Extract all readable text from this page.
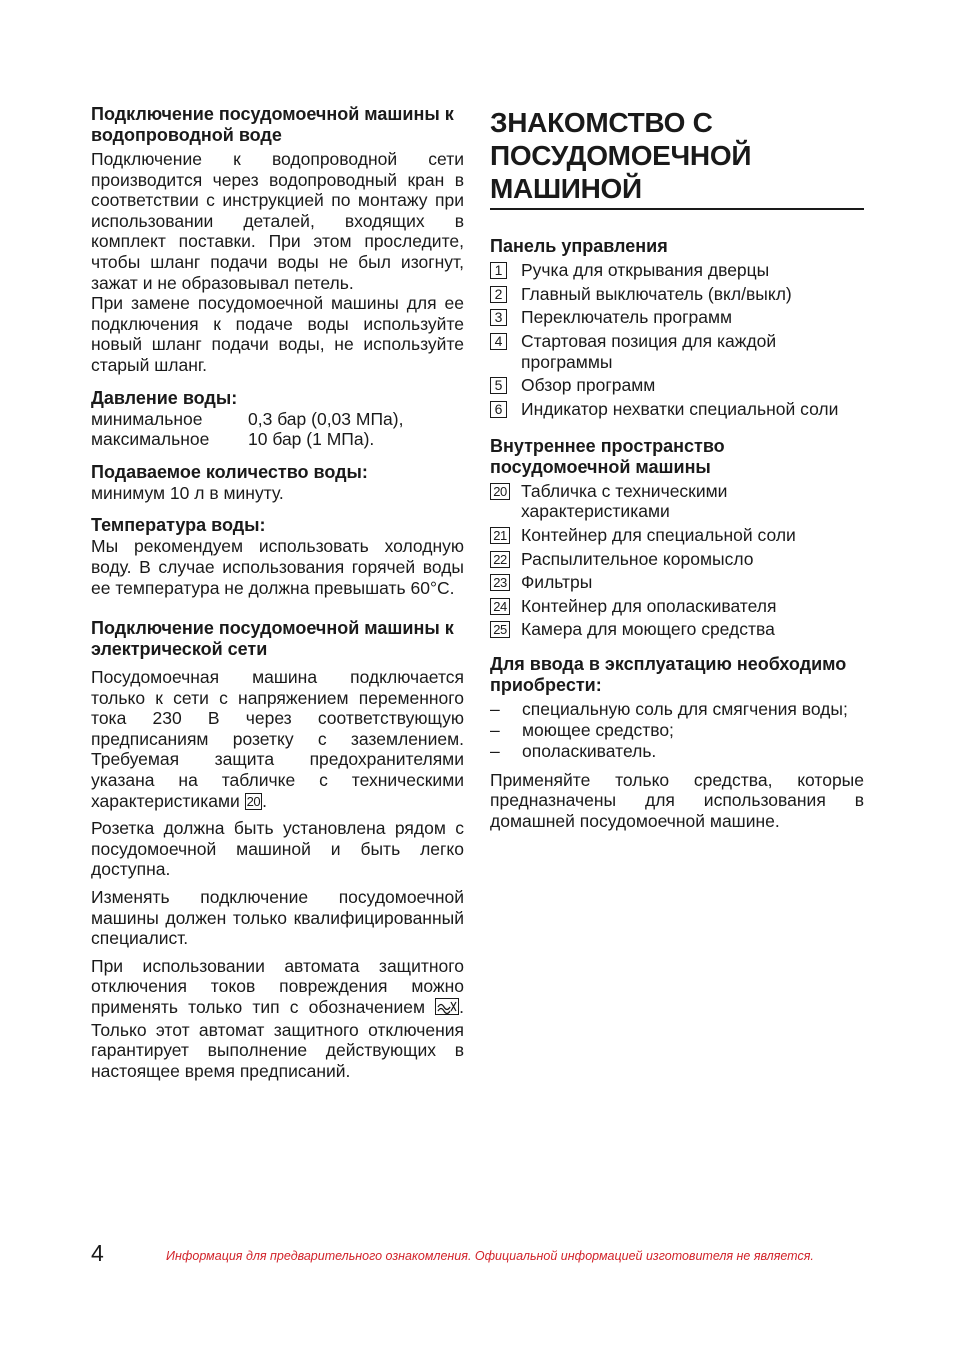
Подключение посудомоечной машины к водопроводной воде

Подключение к водопроводной сети производится через водопроводный кран в соответствии с инструкцией по монтажу при использовании деталей, входящих в комплект поставки. При этом проследите, чтобы шланг подачи воды не был изогнут, зажат и не образовывал петель.

При замене посудомоечной машины для ее подключения к подаче воды используйте новый шланг подачи воды, не используйте старый шланг.

Давление воды:
минимальное	0,3 бар (0,03 МПа),
максимальное	10 бар (1 МПа).
Подаваемое количество воды:

минимум 10 л в минуту.

Температура воды:

Мы рекомендуем использовать холодную воду. В случае использования горячей воды ее температура не должна превышать 60°С.

Подключение посудомоечной машины к электрической сети

Посудомоечная машина подключается только к сети с напряжением переменного тока 230 В через соответствующую предписаниям розетку с заземлением. Требуемая защита предохранителями указана на табличке с техническими характеристиками 20 .

Розетка должна быть установлена рядом с посудомоечной машиной и быть легко доступна.

Изменять подключение посудомоечной машины должен только квалифицированный специалист.

При использовании автомата защитного отключения токов повреждения можно применять только тип с обозначением . Только этот автомат защитного отключения гарантирует выполнение действующих в настоящее время предписаний.

ЗНАКОМСТВО С ПОСУДОМОЕЧНОЙ МАШИНОЙ
Панель управления
1 Ручка для открывания дверцы
2 Главный выключатель (вкл/выкл)
3 Переключатель программ
4 Стартовая позиция для каждой программы
5 Обзор программ
6 Индикатор нехватки специальной соли
Внутреннее пространство посудомоечной машины
20 Табличка с техническими характеристиками
21 Контейнер для специальной соли
22 Распылительное коромысло
23 Фильтры
24 Контейнер для ополаскивателя
25 Камера для моющего средства
Для ввода в эксплуатацию необходимо приобрести:
–	специальную соль для смягчения воды;
–	моющее средство;
–	ополаскиватель.

Применяйте только средства, которые предназначены для использования в домашней посудомоечной машине.

4	Информация для предварительного ознакомления. Официальной информацией изготовителя не является.
